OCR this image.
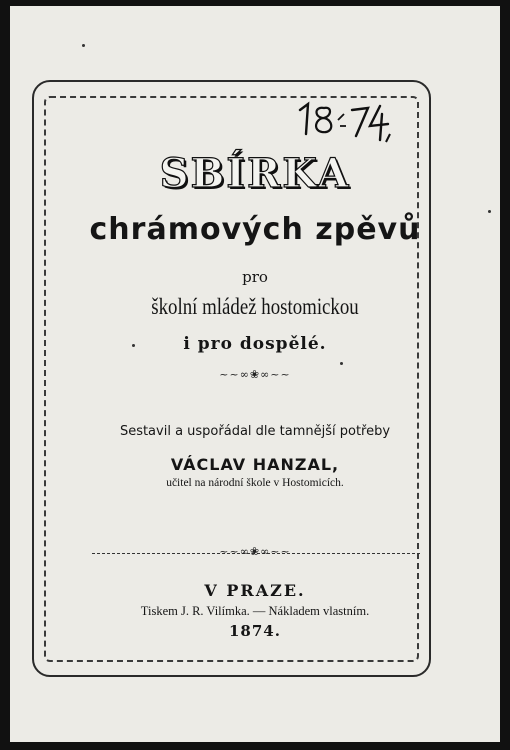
SBÍRKA
chrámových zpěvů
pro
školní mládež hostomickou
i pro dospělé.
~~∞❀∞~~
Sestavil a uspořádal dle tamnější potřeby
VÁCLAV HANZAL,
učitel na národní škole v Hostomicích.
~~∞❀∞~~
V PRAZE.
Tiskem J. R. Vilímka. — Nákladem vlastním.
1874.
